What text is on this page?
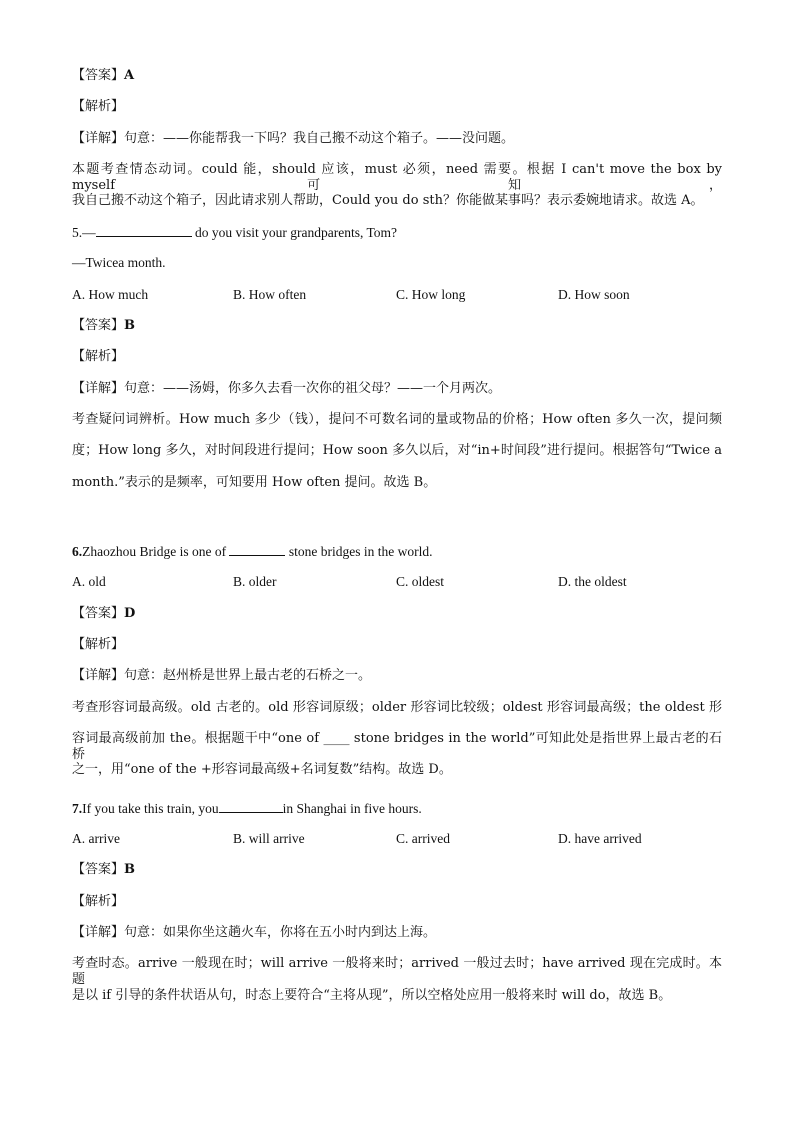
【答案】A
【解析】
【详解】句意：——你能帮我一下吗？我自己搬不动这个箱子。——没问题。
本题考查情态动词。could 能，should 应该，must 必须，need 需要。根据 I can't move the box by myself 可知，
我自己搬不动这个箱子，因此请求别人帮助，Could you do sth？你能做某事吗？表示委婉地请求。故选 A。
5.—	do you visit your grandparents, Tom?
—Twicea month.
A. How much	B. How often	C. How long	D. How soon
【答案】B
【解析】
【详解】句意：——汤姆，你多久去看一次你的祖父母？——一个月两次。
考查疑问词辨析。How much 多少（钱），提问不可数名词的量或物品的价格；How often 多久一次，提问频
度；How long 多久，对时间段进行提问；How soon 多久以后，对“in+时间段”进行提问。根据答句“Twice a
month.”表示的是频率，可知要用 How often 提问。故选 B。
6.Zhaozhou Bridge is one of	stone bridges in the world.
A. old	B. older	C. oldest	D. the oldest
【答案】D
【解析】
【详解】句意：赵州桥是世界上最古老的石桥之一。
考查形容词最高级。old 古老的。old 形容词原级；older 形容词比较级；oldest 形容词最高级；the oldest 形
容词最高级前加 the。根据题干中“one of ____ stone bridges in the world”可知此处是指世界上最古老的石桥
之一，用“one of the +形容词最高级+名词复数”结构。故选 D。
7.If you take this train, you	in Shanghai in five hours.
A. arrive	B. will arrive	C. arrived	D. have arrived
【答案】B
【解析】
【详解】句意：如果你坐这趟火车，你将在五小时内到达上海。
考查时态。arrive 一般现在时；will arrive 一般将来时；arrived 一般过去时；have arrived 现在完成时。本题
是以 if 引导的条件状语从句，时态上要符合“主将从现”，所以空格处应用一般将来时 will do，故选 B。
